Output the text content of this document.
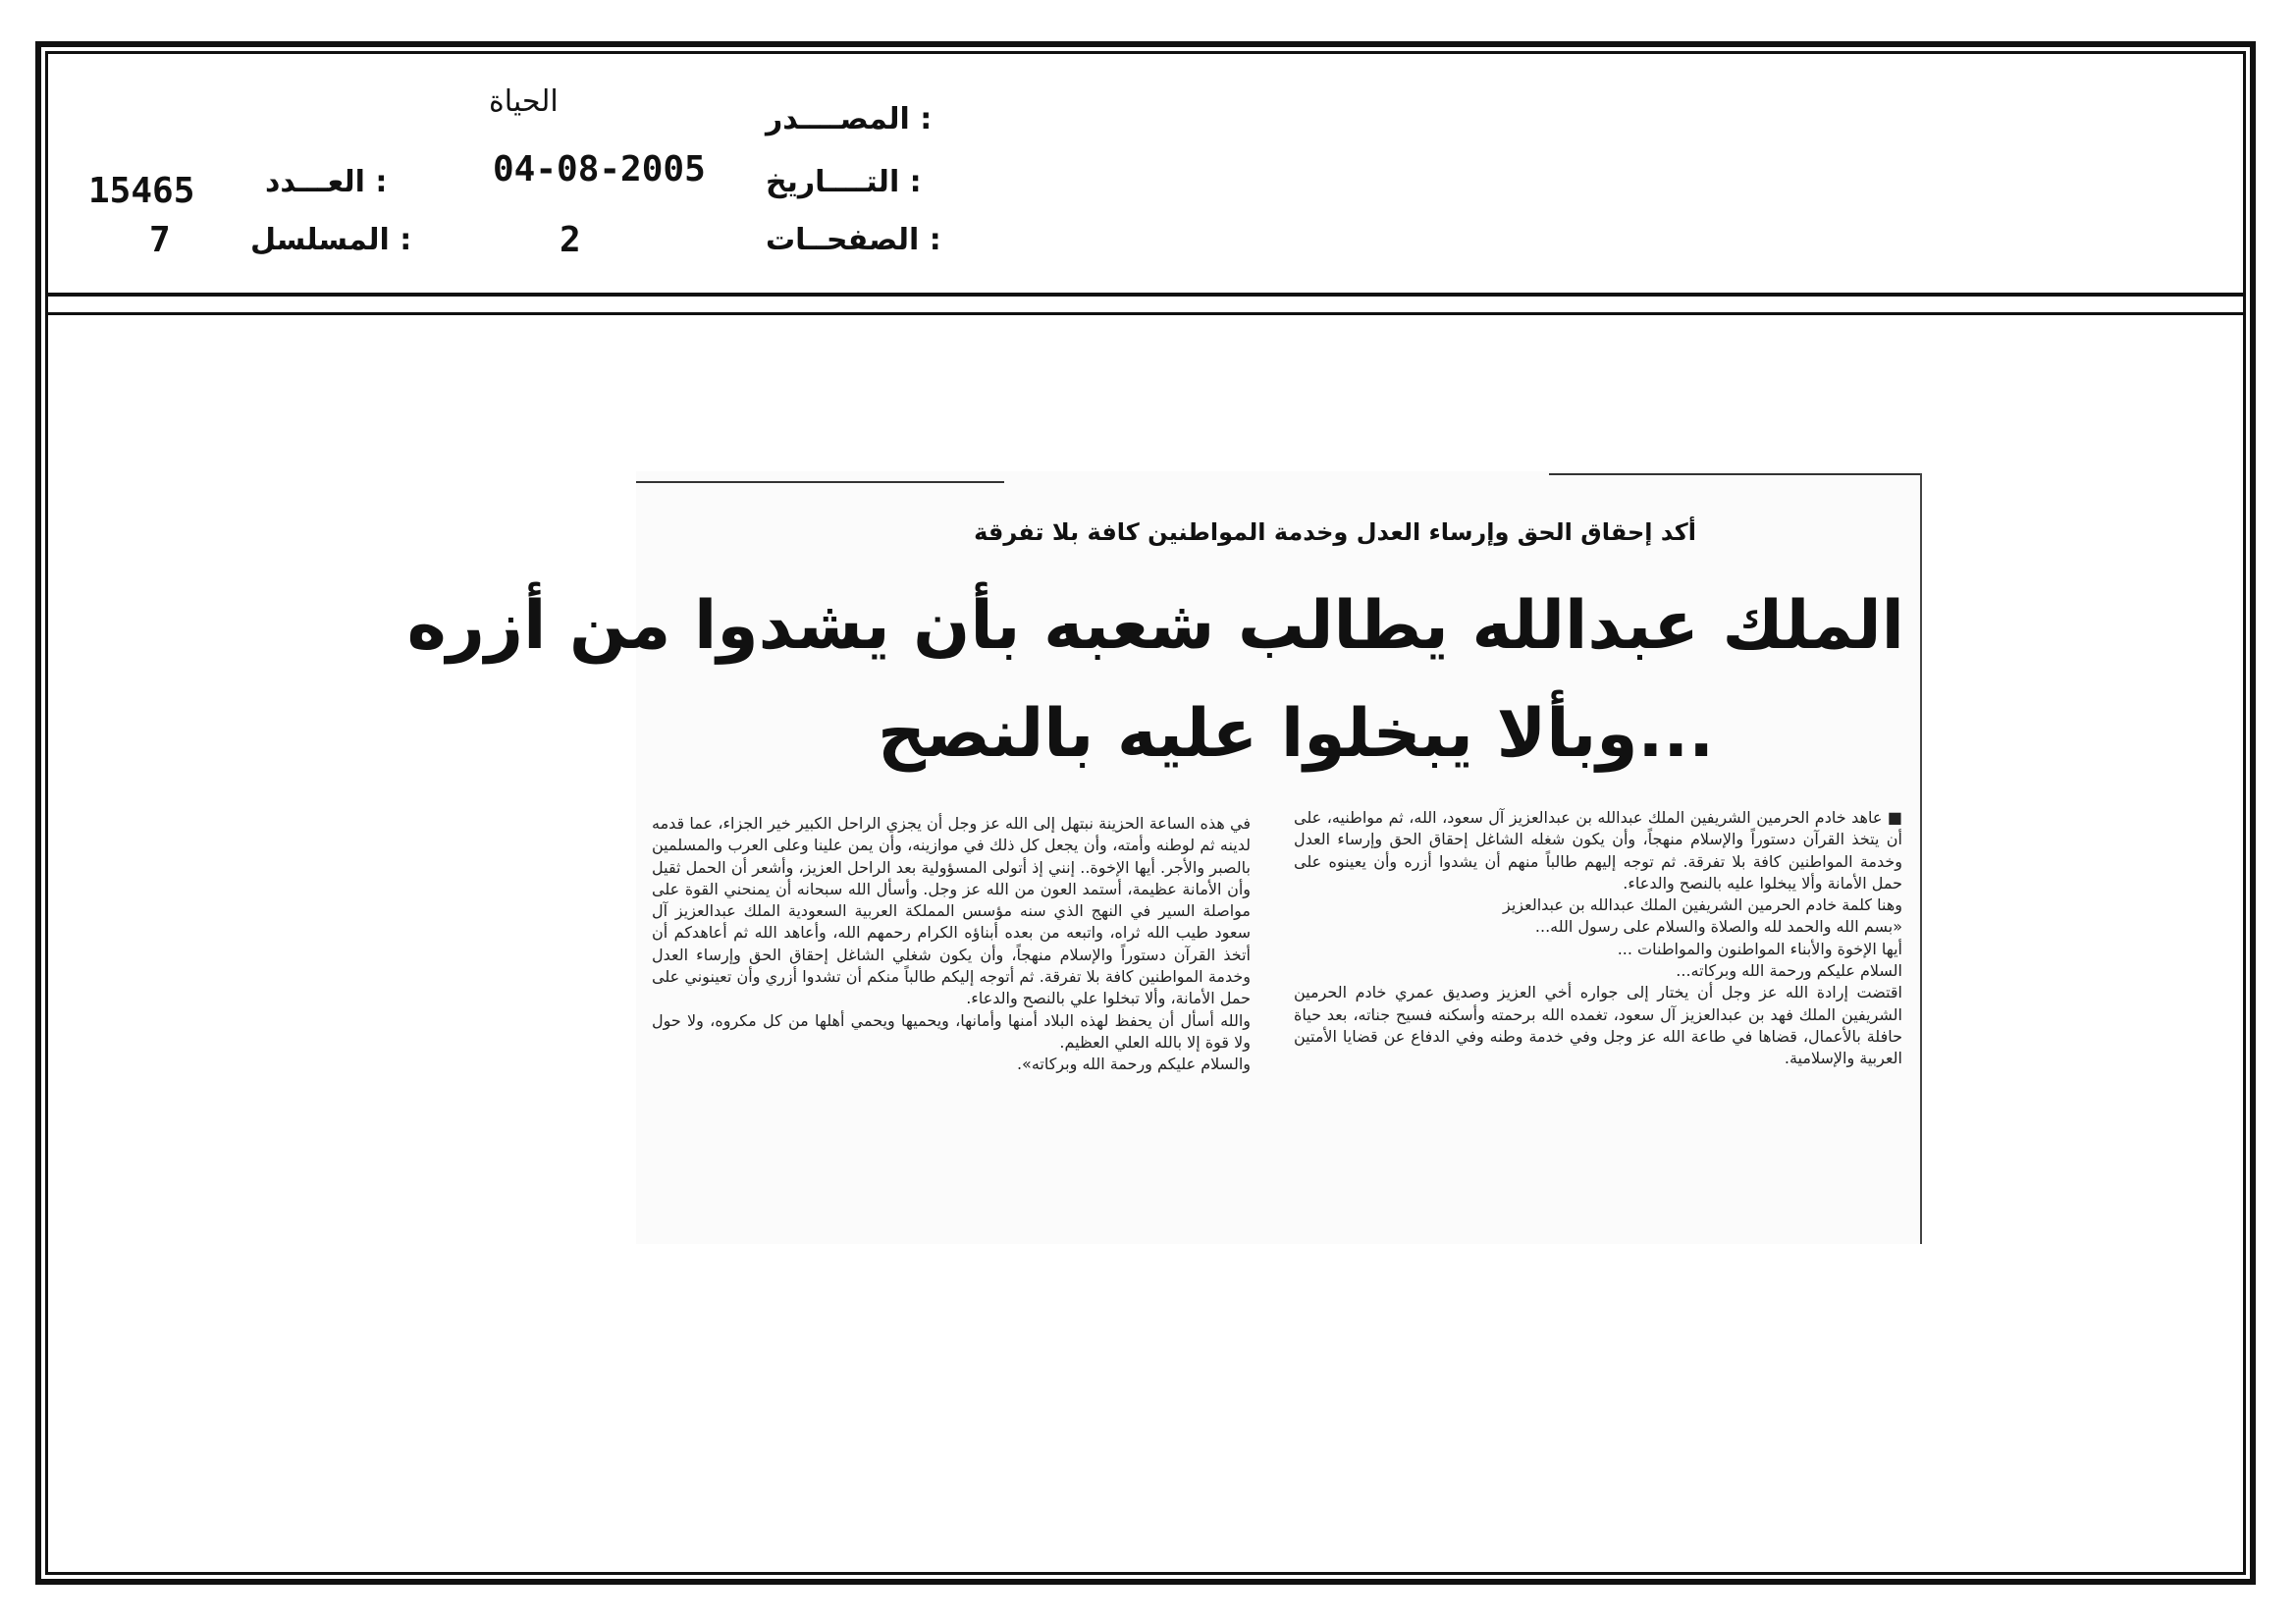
المصــــدر :
الحياة
التــــاريخ :
04-08-2005
الصفحــات :
2
العـــدد :
15465
المسلسل :
7
أكد إحقاق الحق وإرساء العدل وخدمة المواطنين كافة بلا تفرقة
الملك عبدالله يطالب شعبه بأن يشدوا من أزره
...وبألا يبخلوا عليه بالنصح

■ عاهد خادم الحرمين الشريفين الملك عبدالله بن عبدالعزيز آل سعود، الله، ثم مواطنيه، على أن يتخذ القرآن دستوراً والإسلام منهجاً، وأن يكون شغله الشاغل إحقاق الحق وإرساء العدل وخدمة المواطنين كافة بلا تفرقة. ثم توجه إليهم طالباً منهم أن يشدوا أزره وأن يعينوه على حمل الأمانة وألا يبخلوا عليه بالنصح والدعاء.

وهنا كلمة خادم الحرمين الشريفين الملك عبدالله بن عبدالعزيز

«بسم الله والحمد لله والصلاة والسلام على رسول الله...

أيها الإخوة والأبناء المواطنون والمواطنات ...

السلام عليكم ورحمة الله وبركاته...

اقتضت إرادة الله عز وجل أن يختار إلى جواره أخي العزيز وصديق عمري خادم الحرمين الشريفين الملك فهد بن عبدالعزيز آل سعود، تغمده الله برحمته وأسكنه فسيح جناته، بعد حياة حافلة بالأعمال، قضاها في طاعة الله عز وجل وفي خدمة وطنه وفي الدفاع عن قضايا الأمتين العربية والإسلامية.

في هذه الساعة الحزينة نبتهل إلى الله عز وجل أن يجزي الراحل الكبير خير الجزاء، عما قدمه لدينه ثم لوطنه وأمته، وأن يجعل كل ذلك في موازينه، وأن يمن علينا وعلى العرب والمسلمين بالصبر والأجر. أيها الإخوة.. إنني إذ أتولى المسؤولية بعد الراحل العزيز، وأشعر أن الحمل ثقيل وأن الأمانة عظيمة، أستمد العون من الله عز وجل. وأسأل الله سبحانه أن يمنحني القوة على مواصلة السير في النهج الذي سنه مؤسس المملكة العربية السعودية الملك عبدالعزيز آل سعود طيب الله ثراه، واتبعه من بعده أبناؤه الكرام رحمهم الله، وأعاهد الله ثم أعاهدكم أن أتخذ القرآن دستوراً والإسلام منهجاً، وأن يكون شغلي الشاغل إحقاق الحق وإرساء العدل وخدمة المواطنين كافة بلا تفرقة. ثم أتوجه إليكم طالباً منكم أن تشدوا أزري وأن تعينوني على حمل الأمانة، وألا تبخلوا علي بالنصح والدعاء.

والله أسأل أن يحفظ لهذه البلاد أمنها وأمانها، ويحميها ويحمي أهلها من كل مكروه، ولا حول ولا قوة إلا بالله العلي العظيم.

والسلام عليكم ورحمة الله وبركاته».
